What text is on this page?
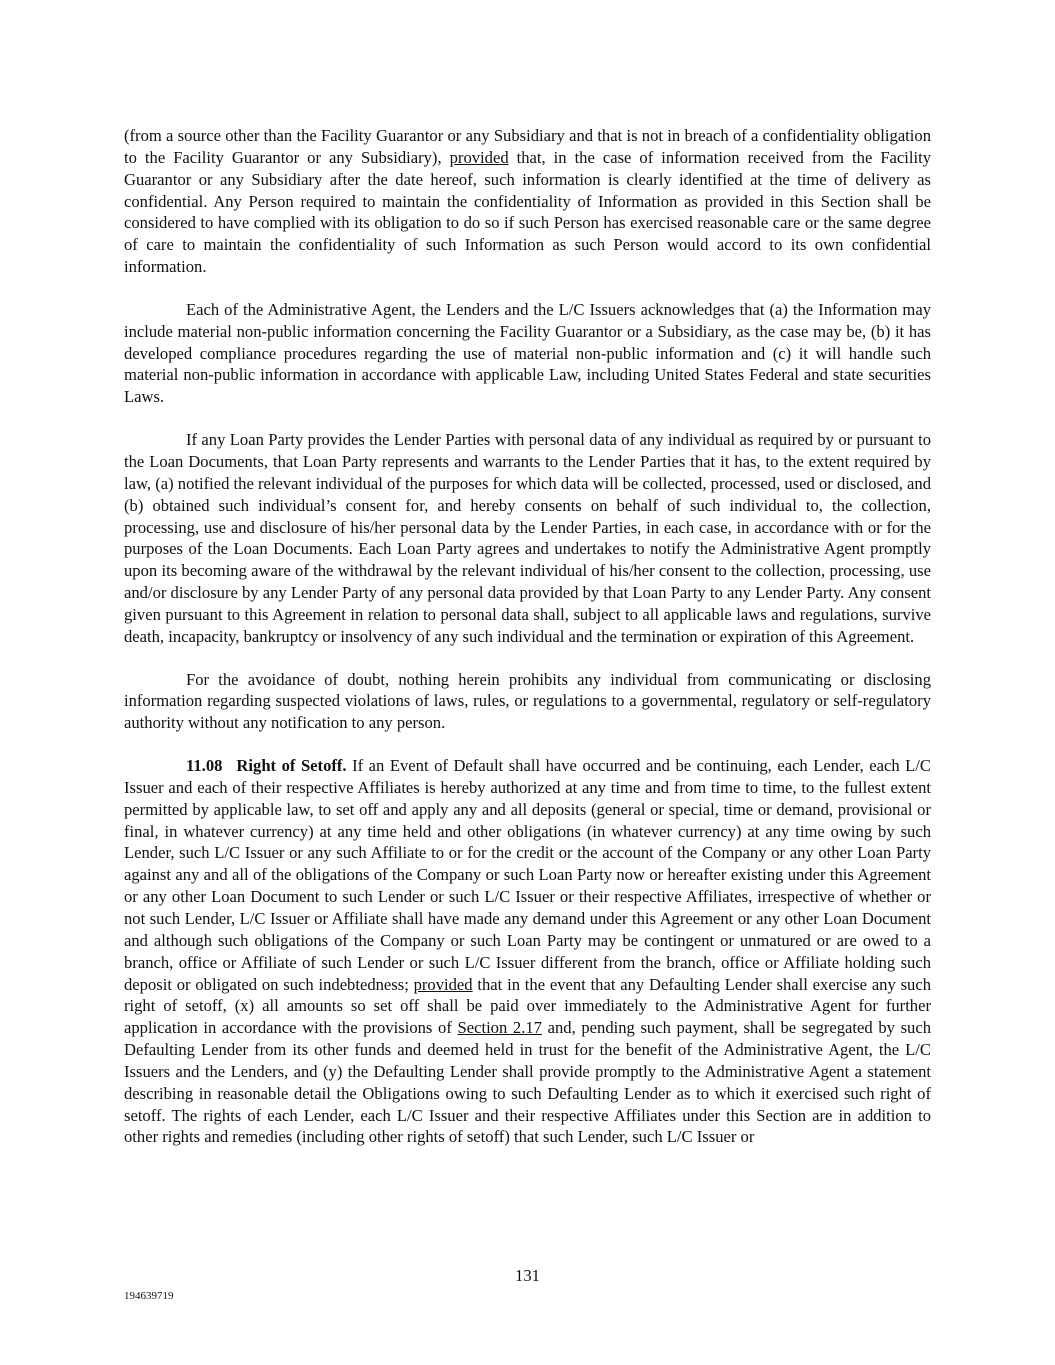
(from a source other than the Facility Guarantor or any Subsidiary and that is not in breach of a confidentiality obligation to the Facility Guarantor or any Subsidiary), provided that, in the case of information received from the Facility Guarantor or any Subsidiary after the date hereof, such information is clearly identified at the time of delivery as confidential. Any Person required to maintain the confidentiality of Information as provided in this Section shall be considered to have complied with its obligation to do so if such Person has exercised reasonable care or the same degree of care to maintain the confidentiality of such Information as such Person would accord to its own confidential information.

Each of the Administrative Agent, the Lenders and the L/C Issuers acknowledges that (a) the Information may include material non-public information concerning the Facility Guarantor or a Subsidiary, as the case may be, (b) it has developed compliance procedures regarding the use of material non-public information and (c) it will handle such material non-public information in accordance with applicable Law, including United States Federal and state securities Laws.

If any Loan Party provides the Lender Parties with personal data of any individual as required by or pursuant to the Loan Documents, that Loan Party represents and warrants to the Lender Parties that it has, to the extent required by law, (a) notified the relevant individual of the purposes for which data will be collected, processed, used or disclosed, and (b) obtained such individual’s consent for, and hereby consents on behalf of such individual to, the collection, processing, use and disclosure of his/her personal data by the Lender Parties, in each case, in accordance with or for the purposes of the Loan Documents. Each Loan Party agrees and undertakes to notify the Administrative Agent promptly upon its becoming aware of the withdrawal by the relevant individual of his/her consent to the collection, processing, use and/or disclosure by any Lender Party of any personal data provided by that Loan Party to any Lender Party. Any consent given pursuant to this Agreement in relation to personal data shall, subject to all applicable laws and regulations, survive death, incapacity, bankruptcy or insolvency of any such individual and the termination or expiration of this Agreement.

For the avoidance of doubt, nothing herein prohibits any individual from communicating or disclosing information regarding suspected violations of laws, rules, or regulations to a governmental, regulatory or self-regulatory authority without any notification to any person.

11.08 Right of Setoff. If an Event of Default shall have occurred and be continuing, each Lender, each L/C Issuer and each of their respective Affiliates is hereby authorized at any time and from time to time, to the fullest extent permitted by applicable law, to set off and apply any and all deposits (general or special, time or demand, provisional or final, in whatever currency) at any time held and other obligations (in whatever currency) at any time owing by such Lender, such L/C Issuer or any such Affiliate to or for the credit or the account of the Company or any other Loan Party against any and all of the obligations of the Company or such Loan Party now or hereafter existing under this Agreement or any other Loan Document to such Lender or such L/C Issuer or their respective Affiliates, irrespective of whether or not such Lender, L/C Issuer or Affiliate shall have made any demand under this Agreement or any other Loan Document and although such obligations of the Company or such Loan Party may be contingent or unmatured or are owed to a branch, office or Affiliate of such Lender or such L/C Issuer different from the branch, office or Affiliate holding such deposit or obligated on such indebtedness; provided that in the event that any Defaulting Lender shall exercise any such right of setoff, (x) all amounts so set off shall be paid over immediately to the Administrative Agent for further application in accordance with the provisions of Section 2.17 and, pending such payment, shall be segregated by such Defaulting Lender from its other funds and deemed held in trust for the benefit of the Administrative Agent, the L/C Issuers and the Lenders, and (y) the Defaulting Lender shall provide promptly to the Administrative Agent a statement describing in reasonable detail the Obligations owing to such Defaulting Lender as to which it exercised such right of setoff. The rights of each Lender, each L/C Issuer and their respective Affiliates under this Section are in addition to other rights and remedies (including other rights of setoff) that such Lender, such L/C Issuer or

131
194639719
